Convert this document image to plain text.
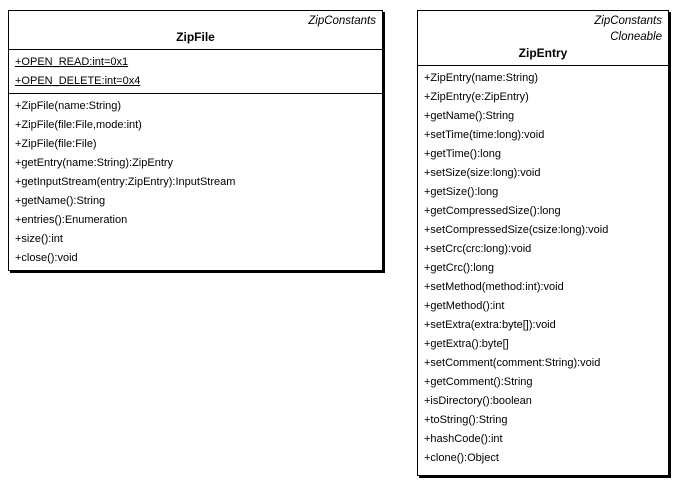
ZipConstants
ZipFile
+OPEN_READ:int=0x1
+OPEN_DELETE:int=0x4
+ZipFile(name:String)
+ZipFile(file:File,mode:int)
+ZipFile(file:File)
+getEntry(name:String):ZipEntry
+getInputStream(entry:ZipEntry):InputStream
+getName():String
+entries():Enumeration
+size():int
+close():void
ZipConstants
Cloneable
ZipEntry
+ZipEntry(name:String)
+ZipEntry(e:ZipEntry)
+getName():String
+setTime(time:long):void
+getTime():long
+setSize(size:long):void
+getSize():long
+getCompressedSize():long
+setCompressedSize(csize:long):void
+setCrc(crc:long):void
+getCrc():long
+setMethod(method:int):void
+getMethod():int
+setExtra(extra:byte[]):void
+getExtra():byte[]
+setComment(comment:String):void
+getComment():String
+isDirectory():boolean
+toString():String
+hashCode():int
+clone():Object
